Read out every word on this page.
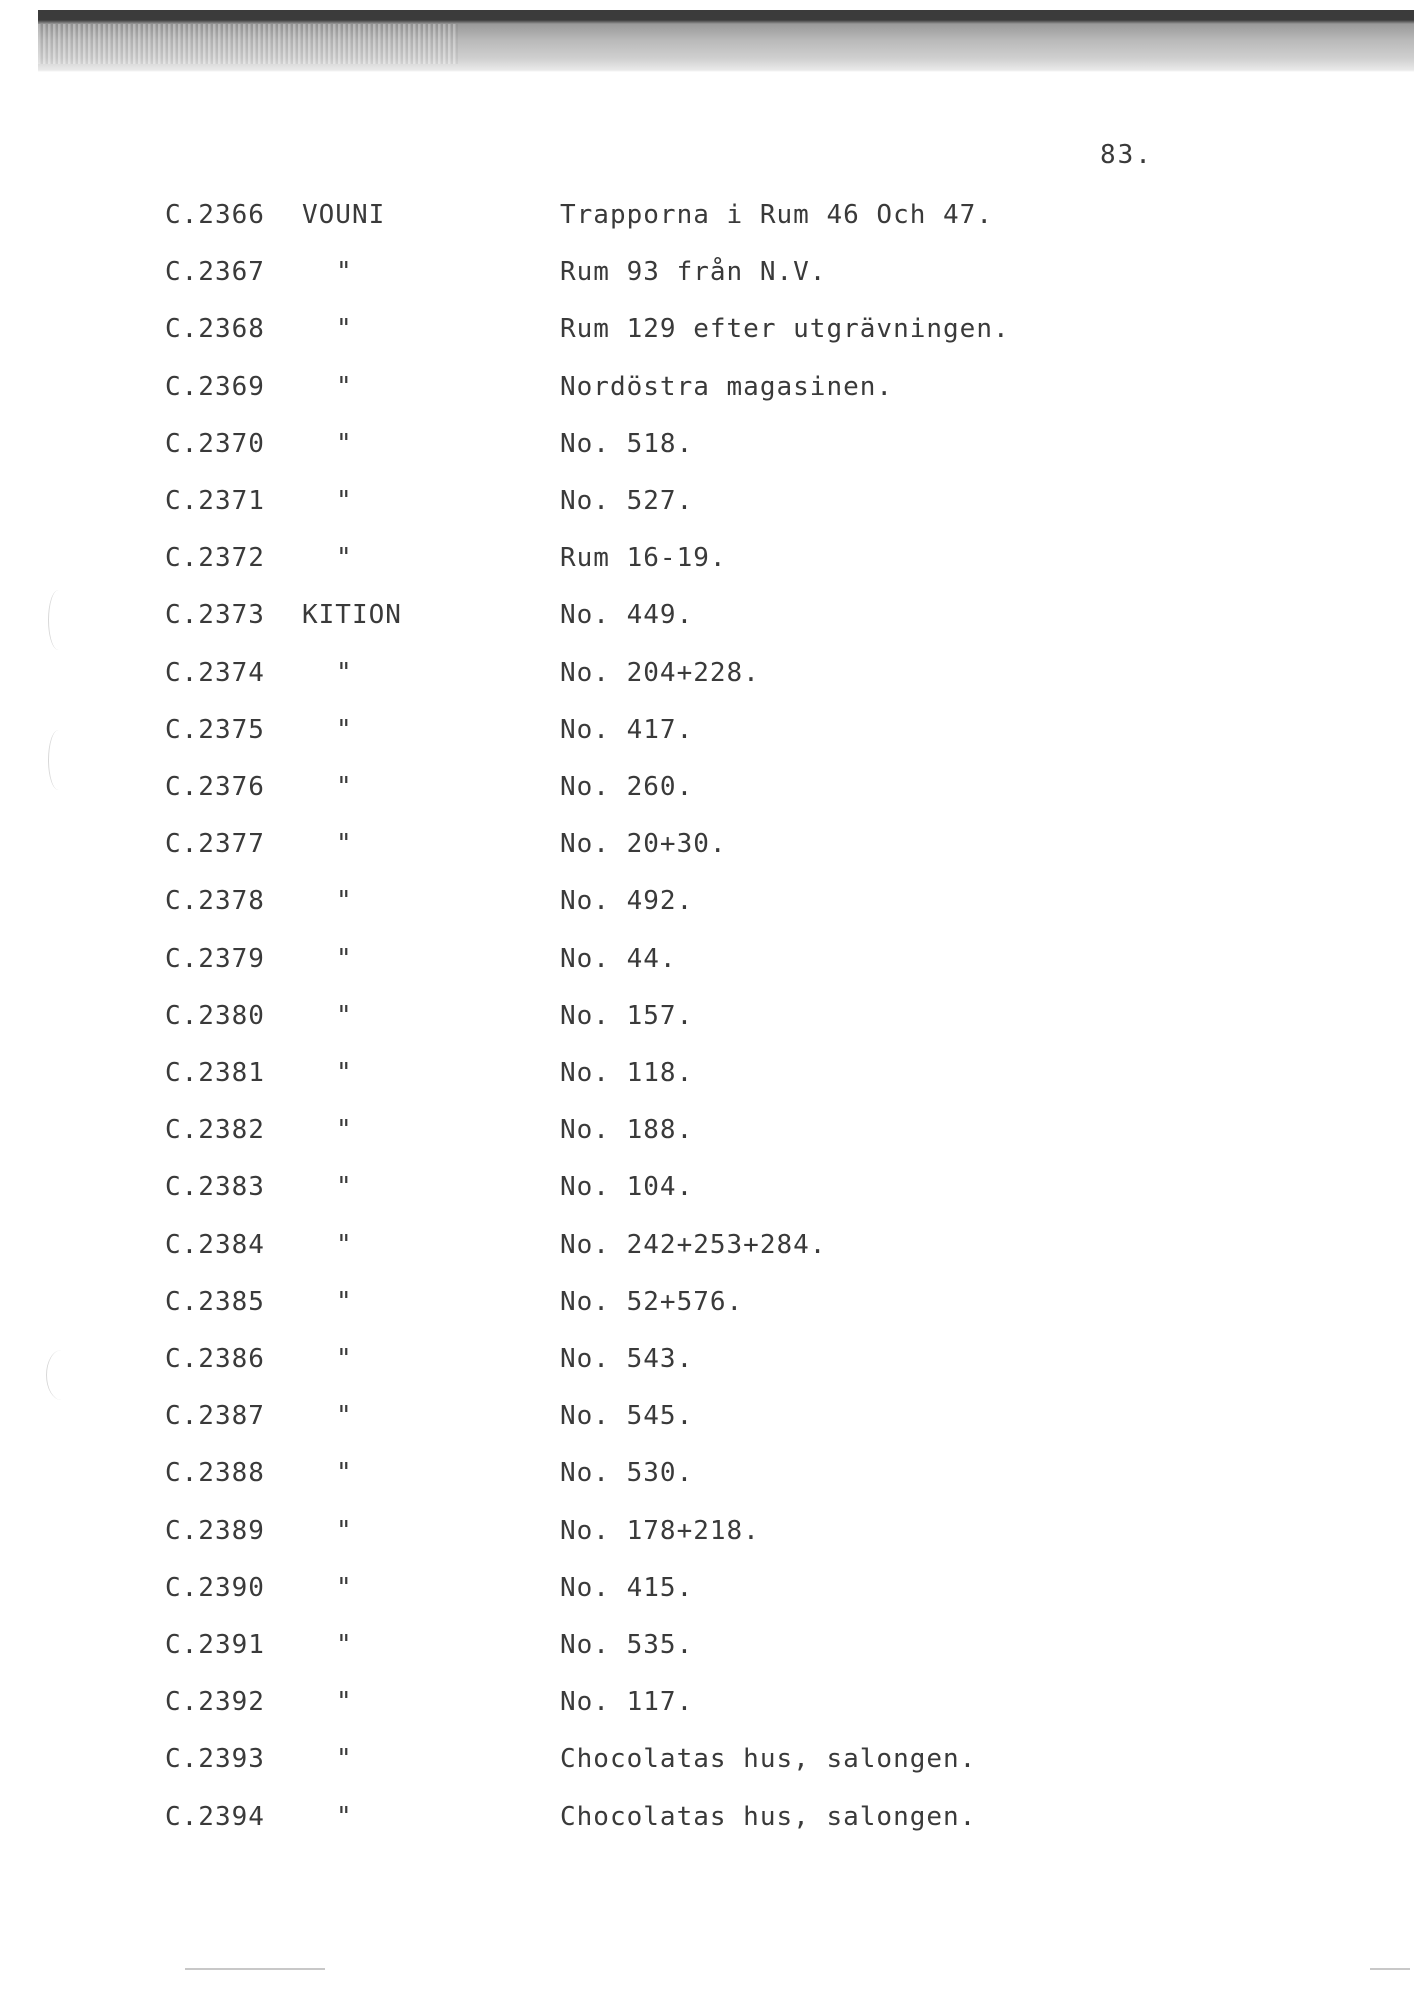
83.
C.2366 VOUNI	Trapporna i Rum 46 Och 47.
C.2367	"	Rum 93 från N.V.
C.2368	"	Rum 129 efter utgrävningen.
C.2369	"	Nordöstra magasinen.
C.2370	"	No. 518.
C.2371	"	No. 527.
C.2372	"	Rum 16-19.
C.2373 KITION	No. 449.
C.2374	"	No. 204+228.
C.2375	"	No. 417.
C.2376	"	No. 260.
C.2377	"	No. 20+30.
C.2378	"	No. 492.
C.2379	"	No. 44.
C.2380	"	No. 157.
C.2381	"	No. 118.
C.2382	"	No. 188.
C.2383	"	No. 104.
C.2384	"	No. 242+253+284.
C.2385	"	No. 52+576.
C.2386	"	No. 543.
C.2387	"	No. 545.
C.2388	"	No. 530.
C.2389	"	No. 178+218.
C.2390	"	No. 415.
C.2391	"	No. 535.
C.2392	"	No. 117.
C.2393	"	Chocolatas hus, salongen.
C.2394	"	Chocolatas hus, salongen.
